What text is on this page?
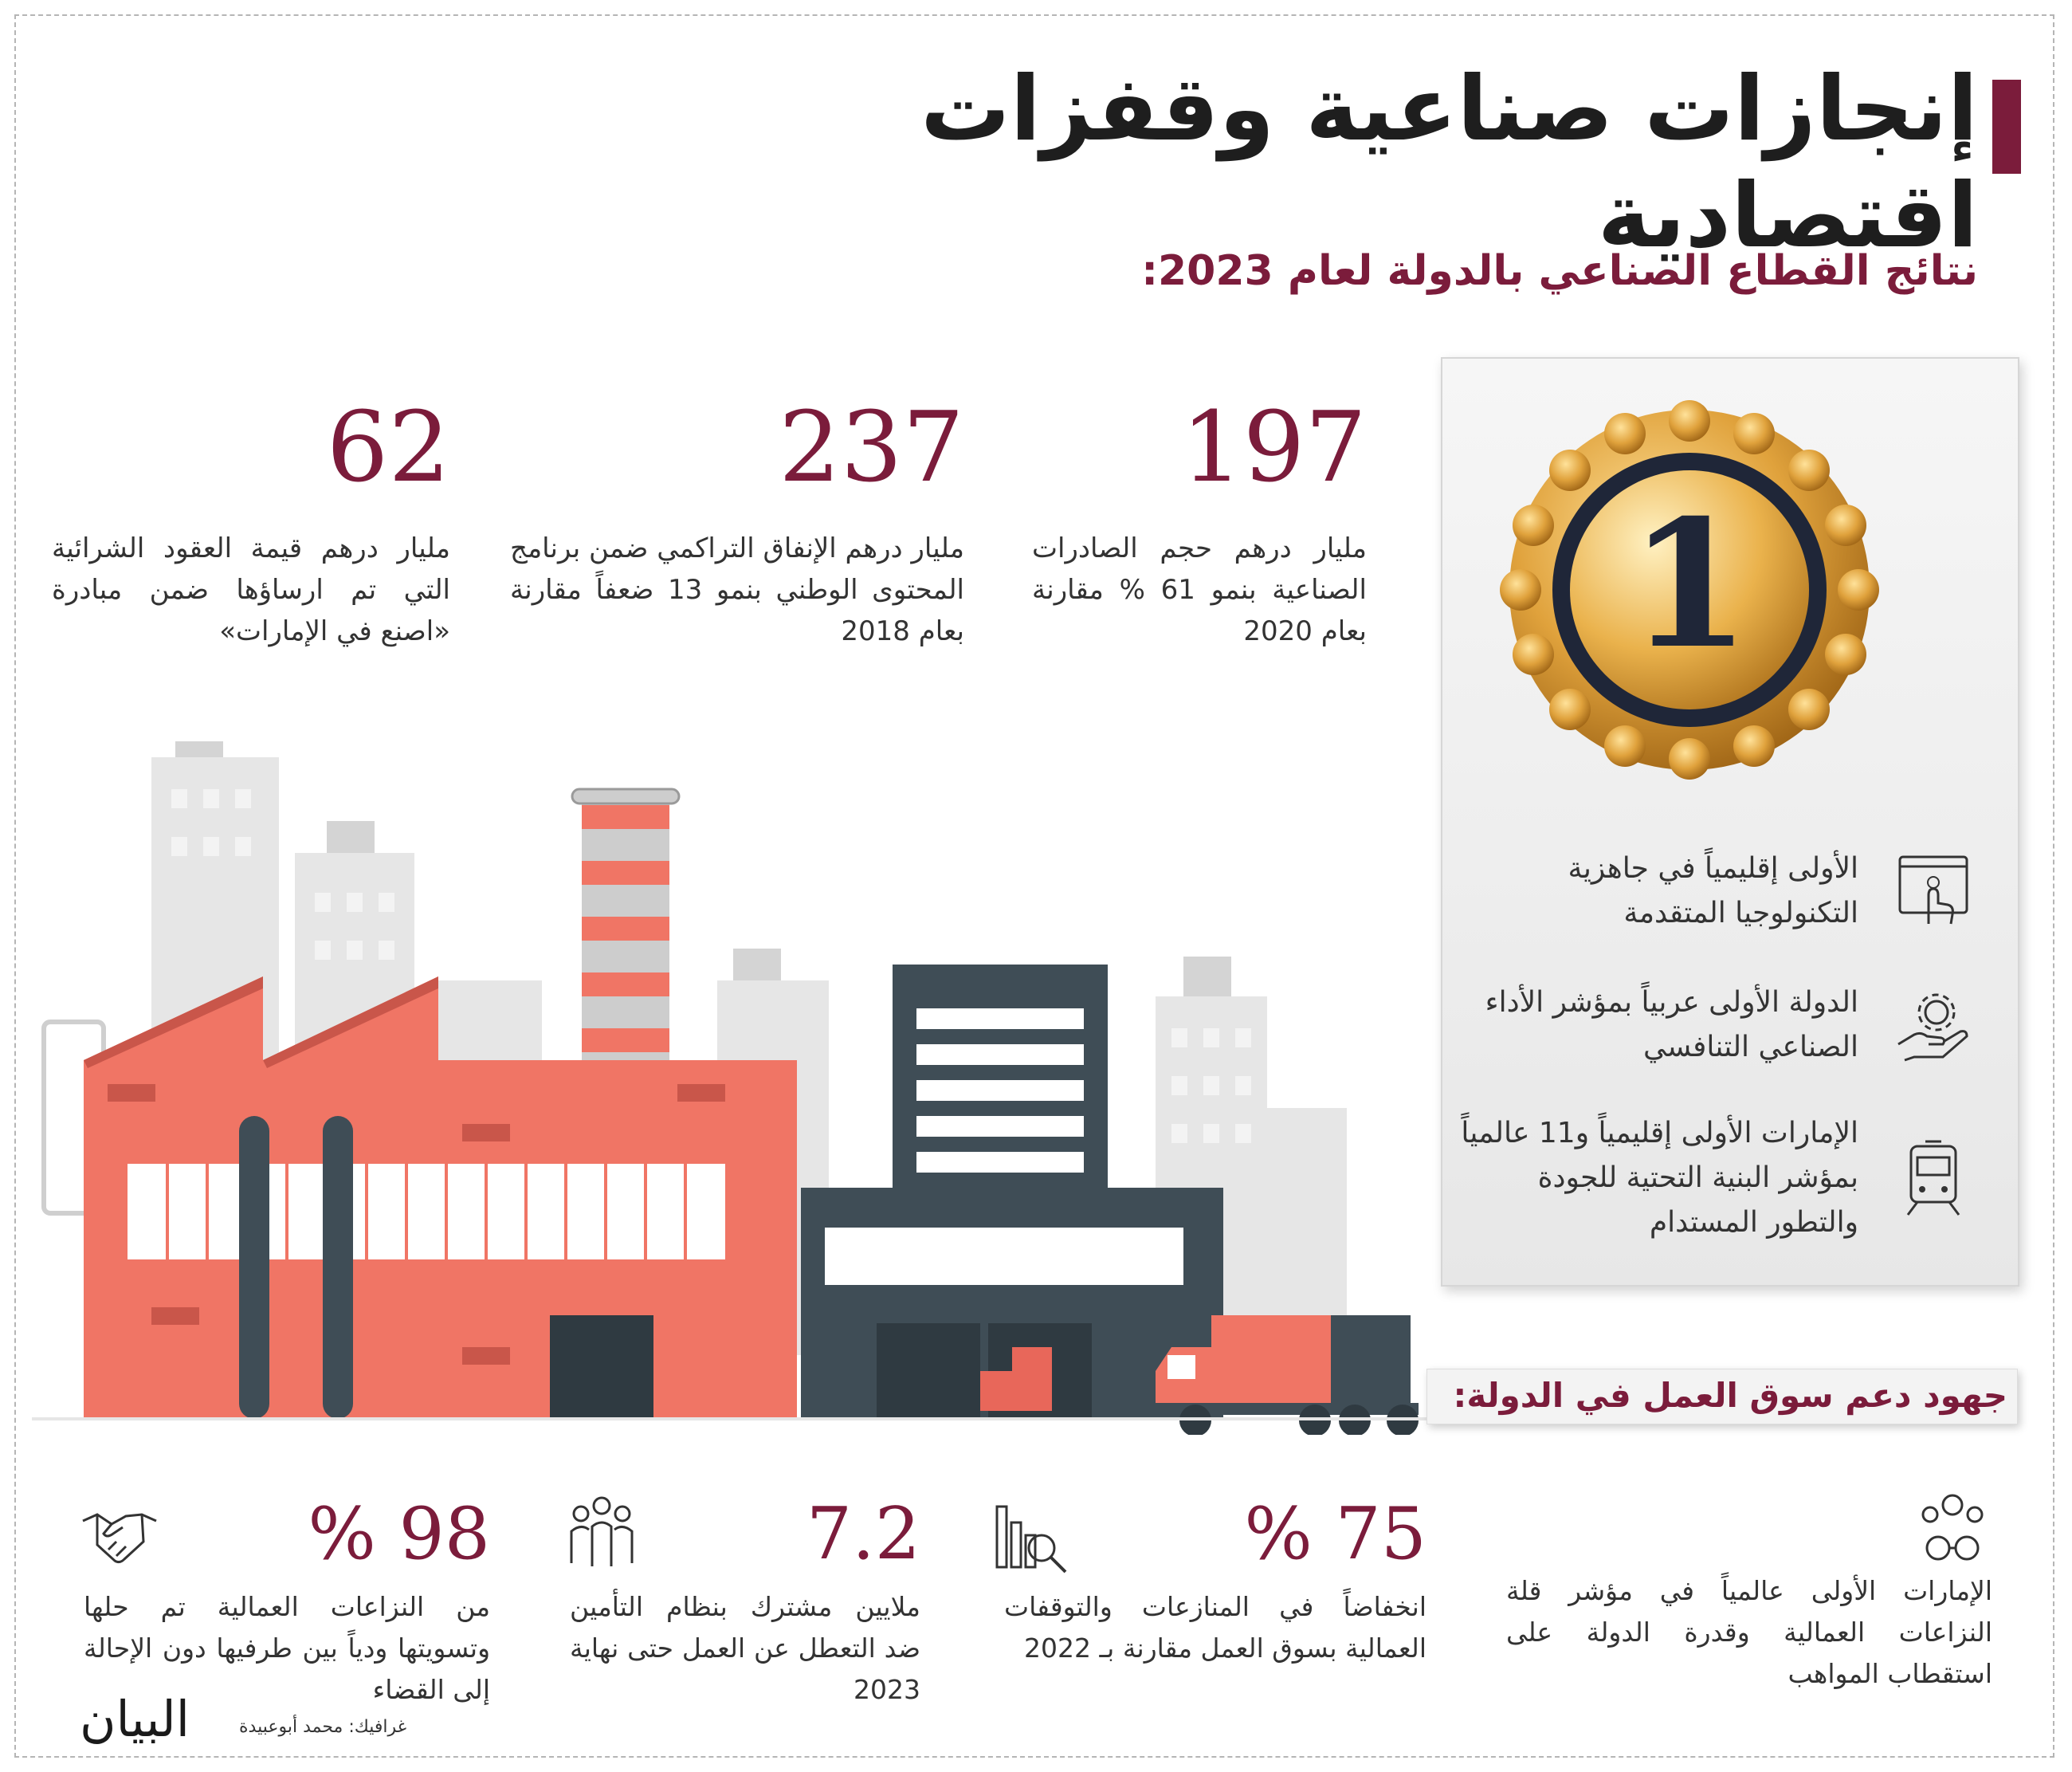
إنجازات صناعية وقفزات اقتصادية
نتائج القطاع الصناعي بالدولة لعام 2023:
197
مليار درهم حجم الصادرات الصناعية بنمو 61 % مقارنة بعام 2020
237
مليار درهم الإنفاق التراكمي ضمن برنامج المحتوى الوطني بنمو 13 ضعفاً مقارنة بعام 2018
62
مليار درهم قيمة العقود الشرائية التي تم ارساؤها ضمن مبادرة «اصنع في الإمارات»	1
الأولى إقليمياً في جاهزية التكنولوجيا المتقدمة
الدولة الأولى عربياً بمؤشر الأداء الصناعي التنافسي
الإمارات الأولى إقليمياً و11 عالمياً بمؤشر البنية التحتية للجودة والتطور المستدام
جهود دعم سوق العمل في الدولة:
الإمارات الأولى عالمياً في مؤشر قلة النزاعات العمالية وقدرة الدولة على استقطاب المواهب
75 %
انخفاضاً في المنازعات والتوقفات العمالية بسوق العمل مقارنة بـ 2022
7.2
ملايين مشترك بنظام التأمين ضد التعطل عن العمل حتى نهاية 2023
98 %
من النزاعات العمالية تم حلها وتسويتها ودياً بين طرفيها دون الإحالة إلى القضاء
البيان	غرافيك: محمد أبوعبيدة
